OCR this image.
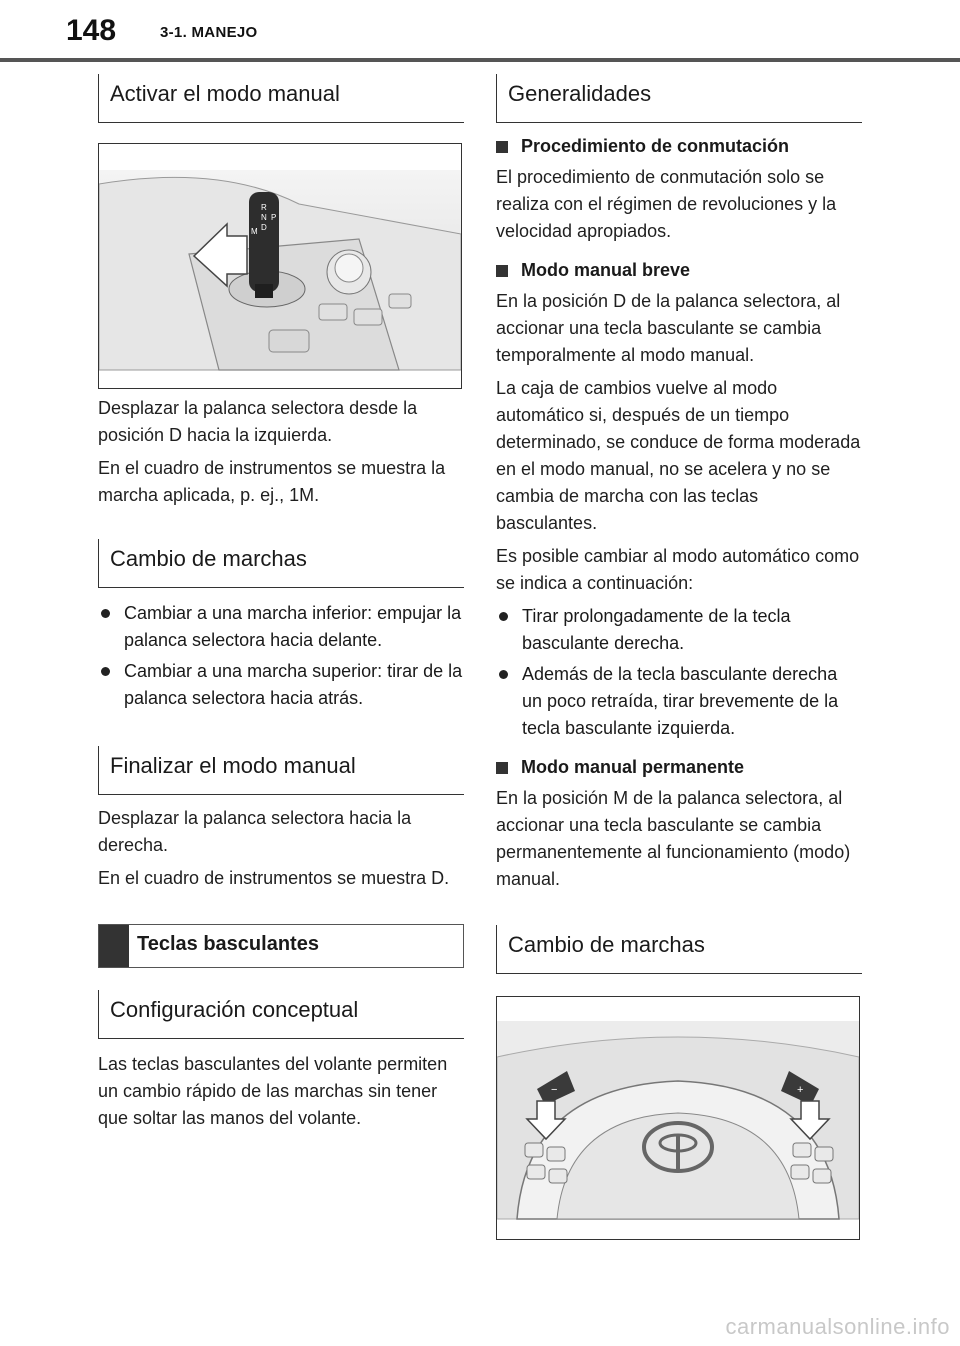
148	3-1. MANEJO
Activar el modo manual
R
N
D
M
P

Desplazar la palanca selectora desde la posición D hacia la izquierda.

En el cuadro de instrumentos se muestra la marcha aplicada, p. ej., 1M.

Cambio de marchas
Cambiar a una marcha inferior: empujar la palanca selectora hacia delante.
Cambiar a una marcha superior: tirar de la palanca selectora hacia atrás.
Finalizar el modo manual

Desplazar la palanca selectora hacia la derecha.

En el cuadro de instrumentos se muestra D.

Teclas basculantes
Configuración conceptual

Las teclas basculantes del volante permiten un cambio rápido de las marchas sin tener que soltar las manos del volante.

Generalidades
Procedimiento de conmutación

El procedimiento de conmutación solo se realiza con el régimen de revoluciones y la velocidad apropiados.

Modo manual breve

En la posición D de la palanca selectora, al accionar una tecla basculante se cambia temporalmente al modo manual.

La caja de cambios vuelve al modo automático si, después de un tiempo determinado, se conduce de forma moderada en el modo manual, no se acelera y no se cambia de marcha con las teclas basculantes.

Es posible cambiar al modo automático como se indica a continuación:

Tirar prolongadamente de la tecla basculante derecha.
Además de la tecla basculante derecha un poco retraída, tirar brevemente de la tecla basculante izquierda.
Modo manual permanente

En la posición M de la palanca selectora, al accionar una tecla basculante se cambia permanentemente al funcionamiento (modo) manual.

Cambio de marchas
−	+
carmanualsonline.info
